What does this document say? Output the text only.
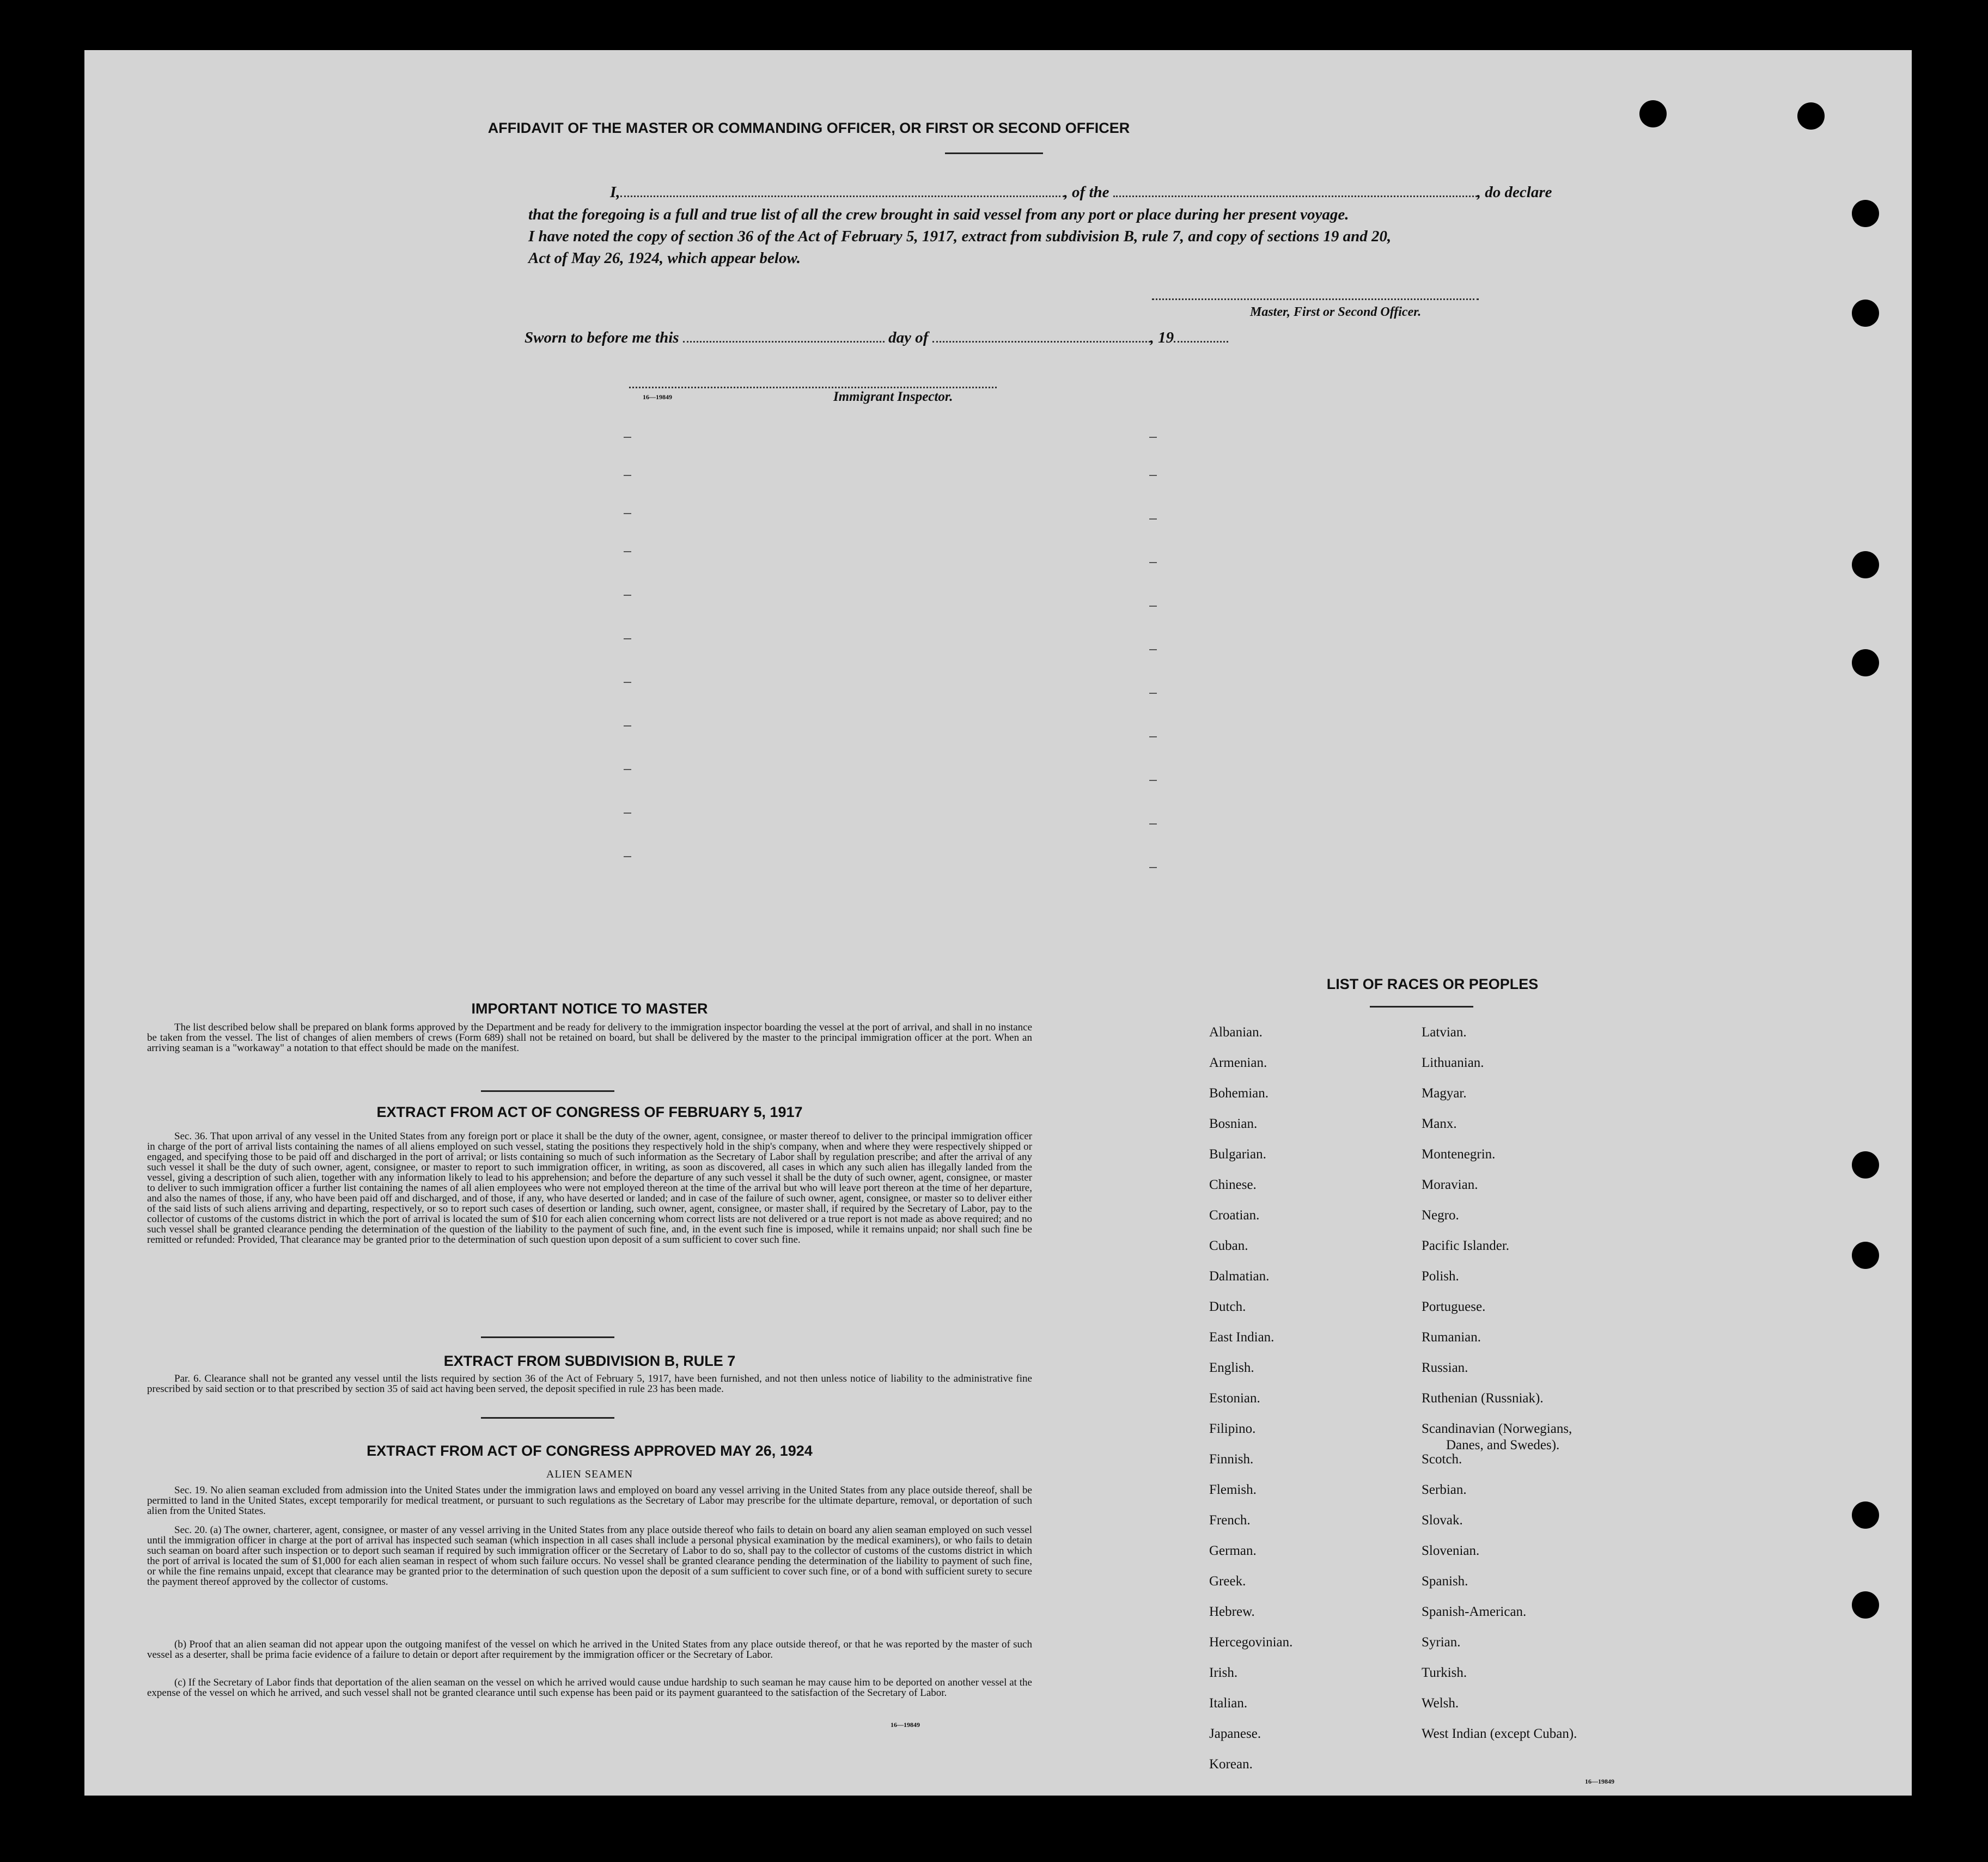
AFFIDAVIT OF THE MASTER OR COMMANDING OFFICER, OR FIRST OR SECOND OFFICER
I,	, of the	, do declare
that the foregoing is a full and true list of all the crew brought in said vessel from any port or place during her present voyage.
I have noted the copy of section 36 of the Act of February 5, 1917, extract from subdivision B, rule 7, and copy of sections 19 and 20,
Act of May 26, 1924, which appear below.
Master, First or Second Officer.
Sworn to before me this	day of	, 19
16—19849	Immigrant Inspector.
IMPORTANT NOTICE TO MASTER
The list described below shall be prepared on blank forms approved by the Department and be ready for delivery to the immigration inspector boarding the vessel at the port of arrival, and shall in no instance be taken from the vessel. The list of changes of alien members of crews (Form 689) shall not be retained on board, but shall be delivered by the master to the principal immigration officer at the port. When an arriving seaman is a "workaway" a notation to that effect should be made on the manifest.
EXTRACT FROM ACT OF CONGRESS OF FEBRUARY 5, 1917
Sec. 36. That upon arrival of any vessel in the United States from any foreign port or place it shall be the duty of the owner, agent, consignee, or master thereof to deliver to the principal immigration officer in charge of the port of arrival lists containing the names of all aliens employed on such vessel, stating the positions they respectively hold in the ship's company, when and where they were respectively shipped or engaged, and specifying those to be paid off and discharged in the port of arrival; or lists containing so much of such information as the Secretary of Labor shall by regulation prescribe; and after the arrival of any such vessel it shall be the duty of such owner, agent, consignee, or master to report to such immigration officer, in writing, as soon as discovered, all cases in which any such alien has illegally landed from the vessel, giving a description of such alien, together with any information likely to lead to his apprehension; and before the departure of any such vessel it shall be the duty of such owner, agent, consignee, or master to deliver to such immigration officer a further list containing the names of all alien employees who were not employed thereon at the time of the arrival but who will leave port thereon at the time of her departure, and also the names of those, if any, who have been paid off and discharged, and of those, if any, who have deserted or landed; and in case of the failure of such owner, agent, consignee, or master so to deliver either of the said lists of such aliens arriving and departing, respectively, or so to report such cases of desertion or landing, such owner, agent, consignee, or master shall, if required by the Secretary of Labor, pay to the collector of customs of the customs district in which the port of arrival is located the sum of $10 for each alien concerning whom correct lists are not delivered or a true report is not made as above required; and no such vessel shall be granted clearance pending the determination of the question of the liability to the payment of such fine, and, in the event such fine is imposed, while it remains unpaid; nor shall such fine be remitted or refunded: Provided, That clearance may be granted prior to the determination of such question upon deposit of a sum sufficient to cover such fine.
EXTRACT FROM SUBDIVISION B, RULE 7
Par. 6. Clearance shall not be granted any vessel until the lists required by section 36 of the Act of February 5, 1917, have been furnished, and not then unless notice of liability to the administrative fine prescribed by said section or to that prescribed by section 35 of said act having been served, the deposit specified in rule 23 has been made.
EXTRACT FROM ACT OF CONGRESS APPROVED MAY 26, 1924
ALIEN SEAMEN
Sec. 19. No alien seaman excluded from admission into the United States under the immigration laws and employed on board any vessel arriving in the United States from any place outside thereof, shall be permitted to land in the United States, except temporarily for medical treatment, or pursuant to such regulations as the Secretary of Labor may prescribe for the ultimate departure, removal, or deportation of such alien from the United States.
Sec. 20. (a) The owner, charterer, agent, consignee, or master of any vessel arriving in the United States from any place outside thereof who fails to detain on board any alien seaman employed on such vessel until the immigration officer in charge at the port of arrival has inspected such seaman (which inspection in all cases shall include a personal physical examination by the medical examiners), or who fails to detain such seaman on board after such inspection or to deport such seaman if required by such immigration officer or the Secretary of Labor to do so, shall pay to the collector of customs of the customs district in which the port of arrival is located the sum of $1,000 for each alien seaman in respect of whom such failure occurs. No vessel shall be granted clearance pending the determination of the liability to payment of such fine, or while the fine remains unpaid, except that clearance may be granted prior to the determination of such question upon the deposit of a sum sufficient to cover such fine, or of a bond with sufficient surety to secure the payment thereof approved by the collector of customs.
(b) Proof that an alien seaman did not appear upon the outgoing manifest of the vessel on which he arrived in the United States from any place outside thereof, or that he was reported by the master of such vessel as a deserter, shall be prima facie evidence of a failure to detain or deport after requirement by the immigration officer or the Secretary of Labor.
(c) If the Secretary of Labor finds that deportation of the alien seaman on the vessel on which he arrived would cause undue hardship to such seaman he may cause him to be deported on another vessel at the expense of the vessel on which he arrived, and such vessel shall not be granted clearance until such expense has been paid or its payment guaranteed to the satisfaction of the Secretary of Labor.
16—19849
LIST OF RACES OR PEOPLES
16—19849
Albanian.
Armenian.
Bohemian.
Bosnian.
Bulgarian.
Chinese.
Croatian.
Cuban.
Dalmatian.
Dutch.
East Indian.
English.
Estonian.
Filipino.
Finnish.
Flemish.
French.
German.
Greek.
Hebrew.
Hercegovinian.
Irish.
Italian.
Japanese.
Korean.
Latvian.
Lithuanian.
Magyar.
Manx.
Montenegrin.
Moravian.
Negro.
Pacific Islander.
Polish.
Portuguese.
Rumanian.
Russian.
Ruthenian (Russniak).
Scandinavian (Norwegians,
Danes, and Swedes).
Scotch.
Serbian.
Slovak.
Slovenian.
Spanish.
Spanish-American.
Syrian.
Turkish.
Welsh.
West Indian (except Cuban).
